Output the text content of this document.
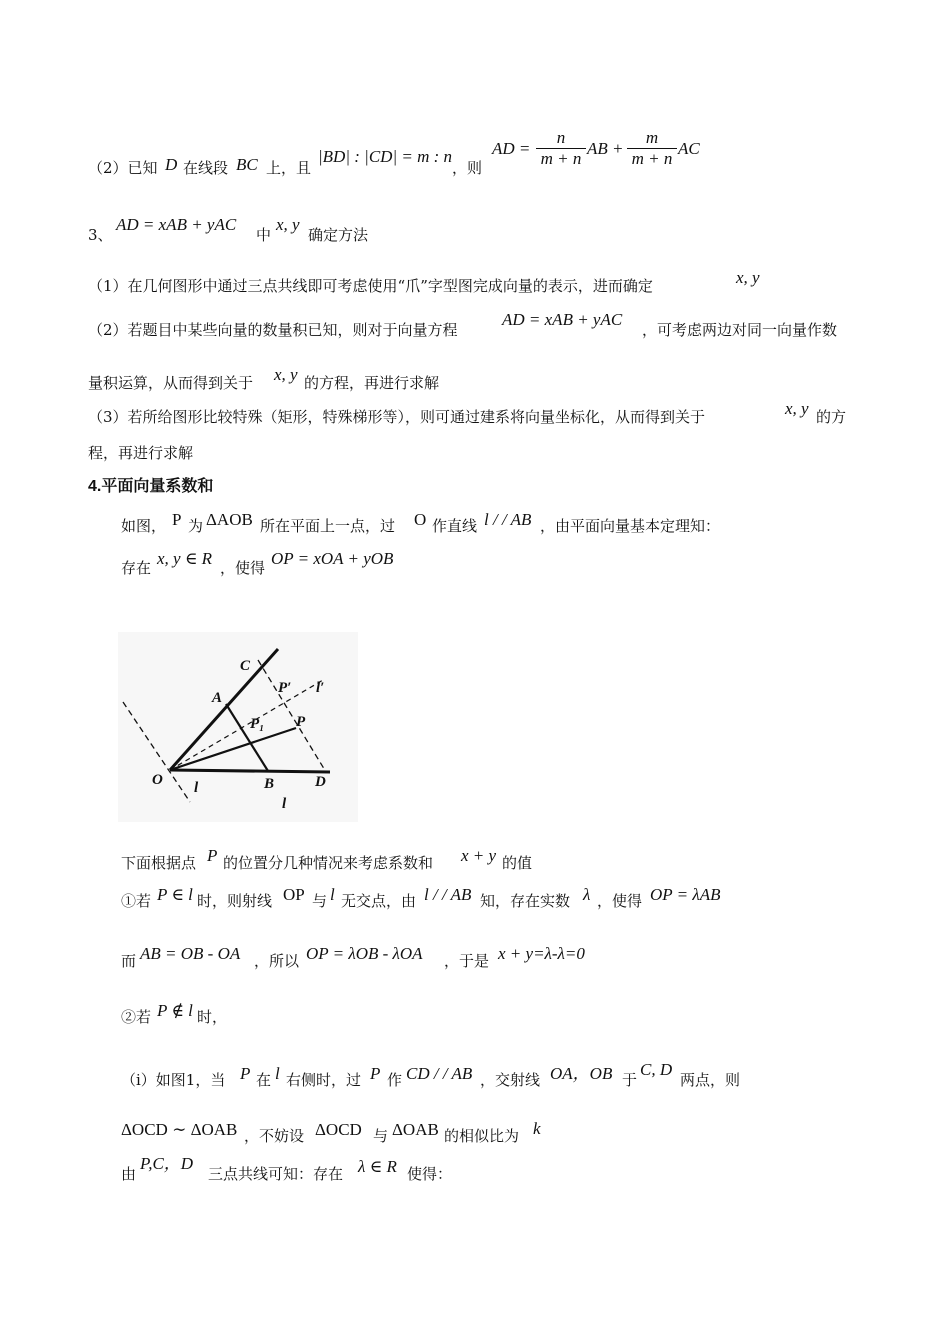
（2）已知 D 在线段 BC 上，且
|BD| : |CD| = m : n
，则
AD = $\frac{n}{m + n}$ AB + $\frac{m}{m + n}$ AC
3、
AD = xAB + yAC
中
x, y
确定方法
（1）在几何图形中通过三点共线即可考虑使用“爪”字型图完成向量的表示，进而确定	x, y
（2）若题目中某些向量的数量积已知，则对于向量方程
AD = xAB + yAC
，可考虑两边对同一向量作数
量积运算，从而得到关于 x, y 的方程，再进行求解
（3）若所给图形比较特殊（矩形，特殊梯形等），则可通过建系将向量坐标化，从而得到关于	x, y 的方
程，再进行求解
4.平面向量系数和
如图， P 为 ΔAOB 所在平面上一点，过 O 作直线 l / / AB ，由平面向量基本定理知：
存在 x, y ∈ R ，使得 OP = xOA + yOB
C
A
P′ l′
P₁ P
O	B	D
l
l
下面根据点 P 的位置分几种情况来考虑系数和 x + y 的值
①若 P ∈ l 时，则射线 OP 与 l 无交点，由 l / / AB 知，存在实数 λ ，使得 OP = λAB
而 AB = OB - OA ，所以 OP = λOB - λOA ，于是 x + y=λ-λ=0
②若 P ∉ l 时，
（i）如图1，当 P 在 l 右侧时，过 P 作 CD / / AB ，交射线 OA，OB 于
C, D
两点，则
ΔOCD ∼ ΔOAB ，不妨设 ΔOCD 与 ΔOAB 的相似比为 k
由
P,C，D
三点共线可知：存在 λ ∈ R 使得：
